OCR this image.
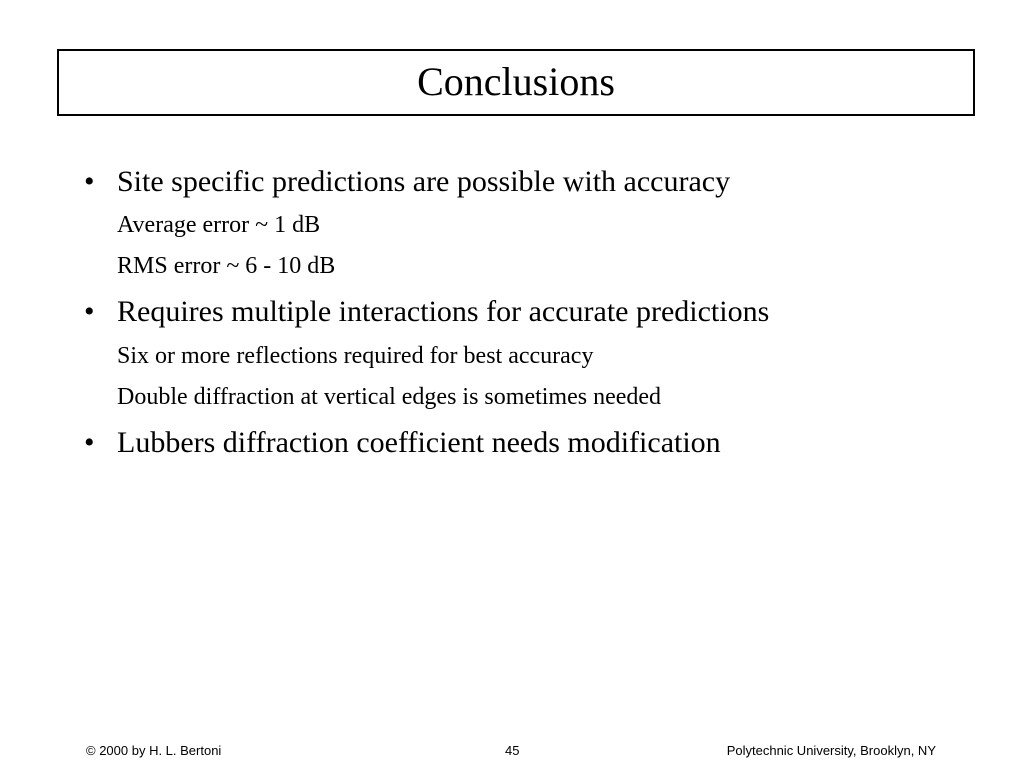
Conclusions
• Site specific predictions are possible with accuracy
Average error ~ 1 dB
RMS error ~ 6 - 10 dB
• Requires multiple interactions for accurate predictions
Six or more reflections required for best accuracy
Double diffraction at vertical edges is sometimes needed
• Lubbers diffraction coefficient needs modification
© 2000 by H. L. Bertoni	45	Polytechnic University, Brooklyn, NY
